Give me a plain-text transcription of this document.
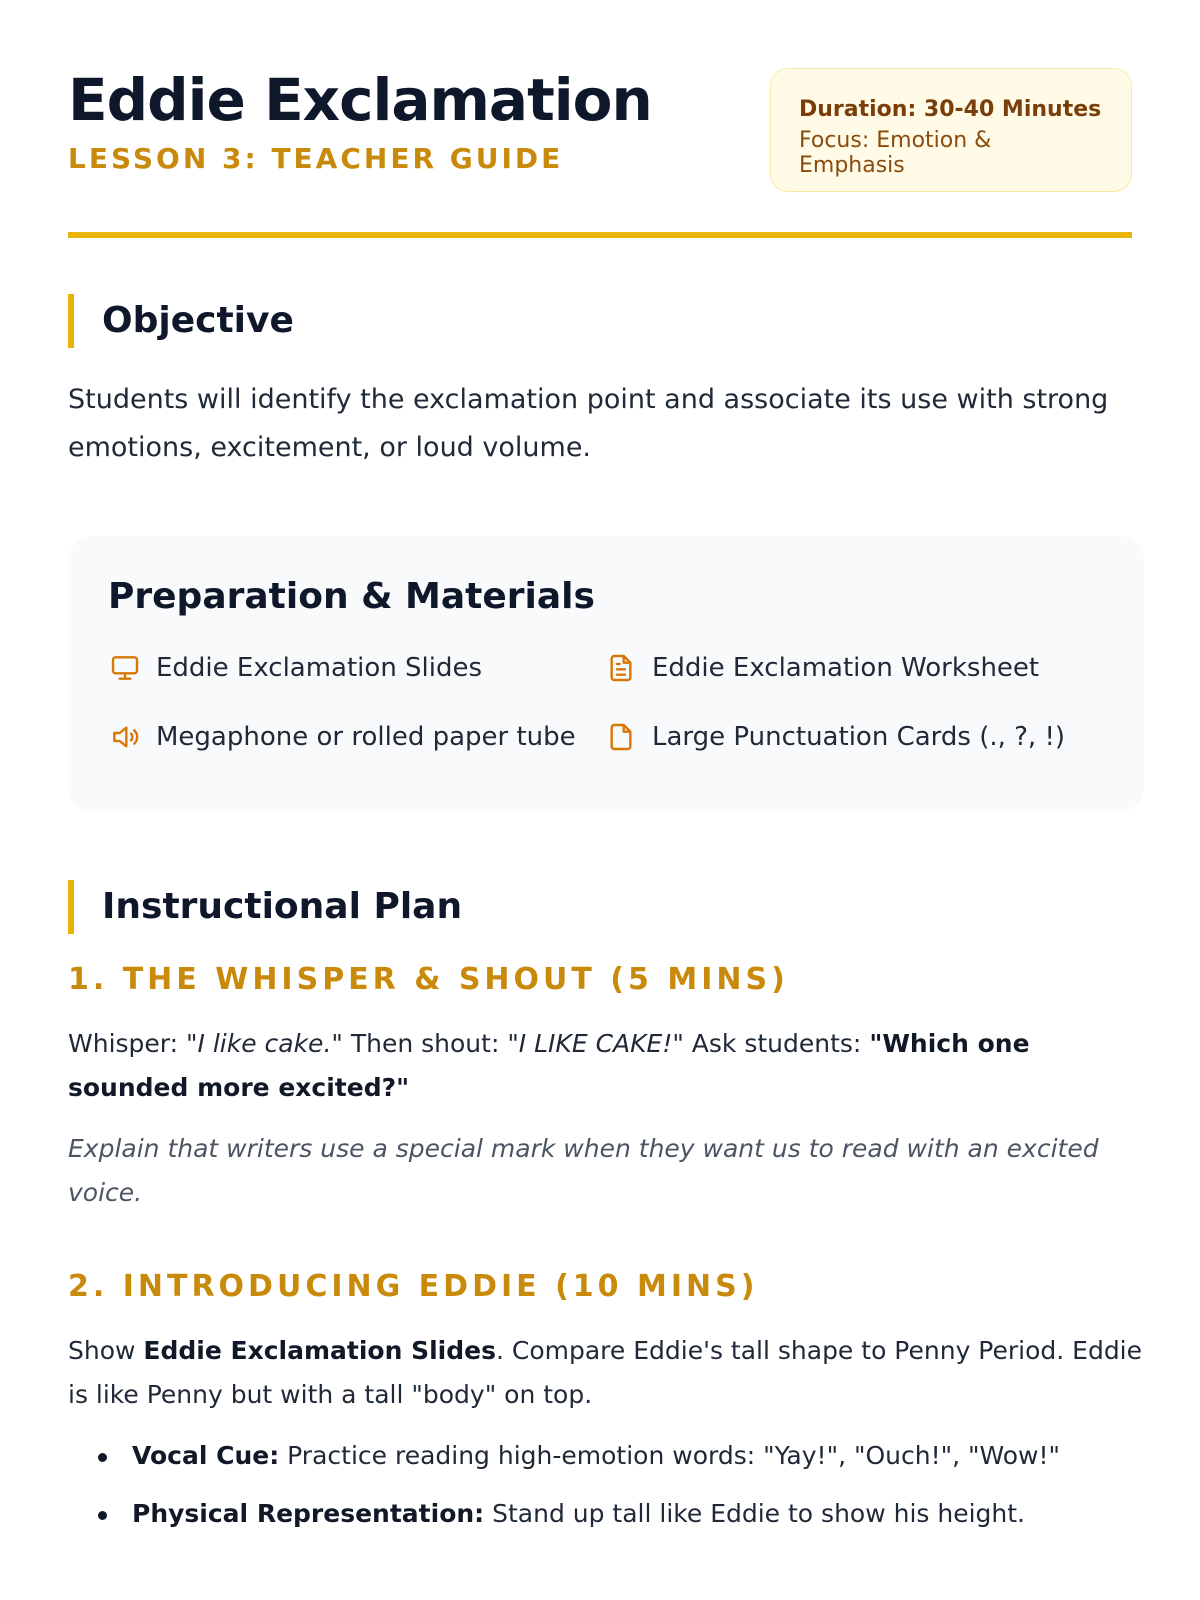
Eddie Exclamation
LESSON 3: TEACHER GUIDE
Duration: 30-40 Minutes
Focus: Emotion & Emphasis
Objective

Students will identify the exclamation point and associate its use with strong emotions, excitement, or loud volume.

Preparation & Materials
Eddie Exclamation Slides	Eddie Exclamation Worksheet
Megaphone or rolled paper tube	Large Punctuation Cards (., ?, !)
Instructional Plan
1. THE WHISPER & SHOUT (5 MINS)

Whisper: "I like cake." Then shout: "I LIKE CAKE!" Ask students: "Which one sounded more excited?"

Explain that writers use a special mark when they want us to read with an excited voice.

2. INTRODUCING EDDIE (10 MINS)

Show Eddie Exclamation Slides. Compare Eddie's tall shape to Penny Period. Eddie is like Penny but with a tall "body" on top.

Vocal Cue: Practice reading high-emotion words: "Yay!", "Ouch!", "Wow!"
Physical Representation: Stand up tall like Eddie to show his height.
